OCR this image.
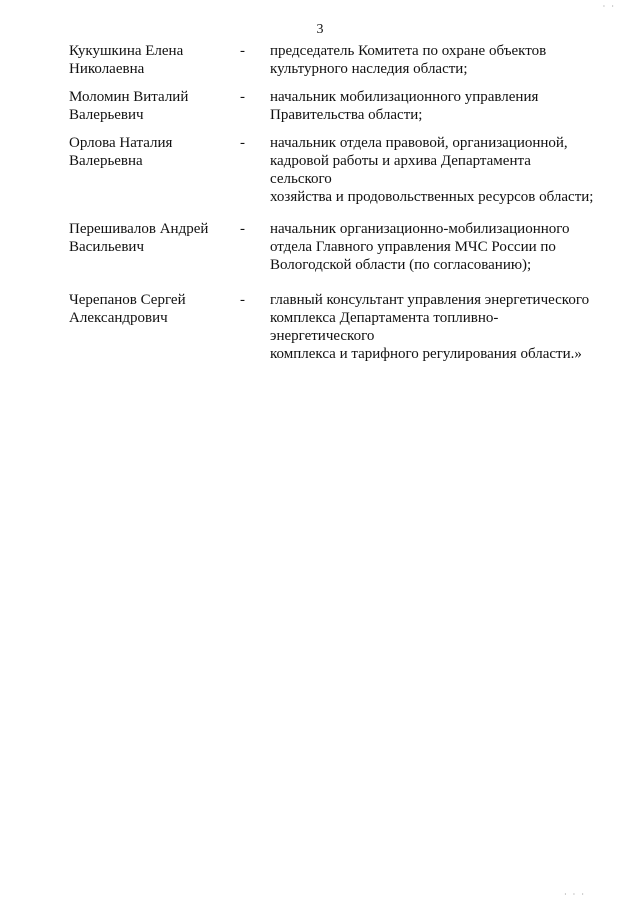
3
Кукушкина Елена
Николаевна
-	председатель Комитета по охране объектов
культурного наследия области;
Моломин Виталий
Валерьевич
-	начальник мобилизационного управления
Правительства области;
Орлова Наталия
Валерьевна
-	начальник отдела правовой, организационной,
кадровой работы и архива Департамента сельского
хозяйства и продовольственных ресурсов области;
Перешивалов Андрей
Васильевич
-	начальник организационно-мобилизационного
отдела Главного управления МЧС России по
Вологодской области (по согласованию);
Черепанов Сергей
Александрович
-	главный консультант управления энергетического
комплекса Департамента топливно-энергетического
комплекса и тарифного регулирования области.»
· ·
· · ·
